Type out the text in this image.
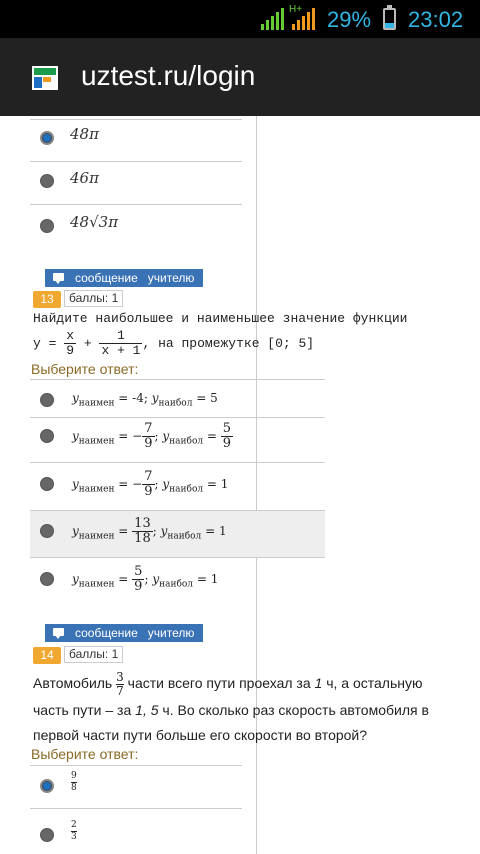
H+ 29% 23:02
uztest.ru/login
48π
46π
48√3π
сообщение учителю
13	баллы: 1
Найдите наибольшее и наименьшее значение функции
$y = \frac{x}{9} + \frac{1}{x + 1}$ , на промежутке [0; 5]
Выберите ответ:
$y_{наимен} = -4$; $y_{наибол} = 5$
$y_{наимен}$ = − $\frac{7}{9}$ ; $y_{наибол} = \frac{5}{9}$
$y_{наимен}$ = − $\frac{7}{9}$ ; $y_{наибол} = 1$
$y_{наимен} = \frac{13}{18}$ ; $y_{наибол} = 1$
$y_{наимен} = \frac{5}{9}$ ; $y_{наибол} = 1$
сообщение учителю
14	баллы: 1
Автомобиль $\frac{3}{7}$ части всего пути проехал за 1 ч, а остальную часть пути – за 1, 5 ч. Во сколько раз скорость автомобиля в первой части пути больше его скорости во второй?
Выберите ответ:
9
8
2
3
